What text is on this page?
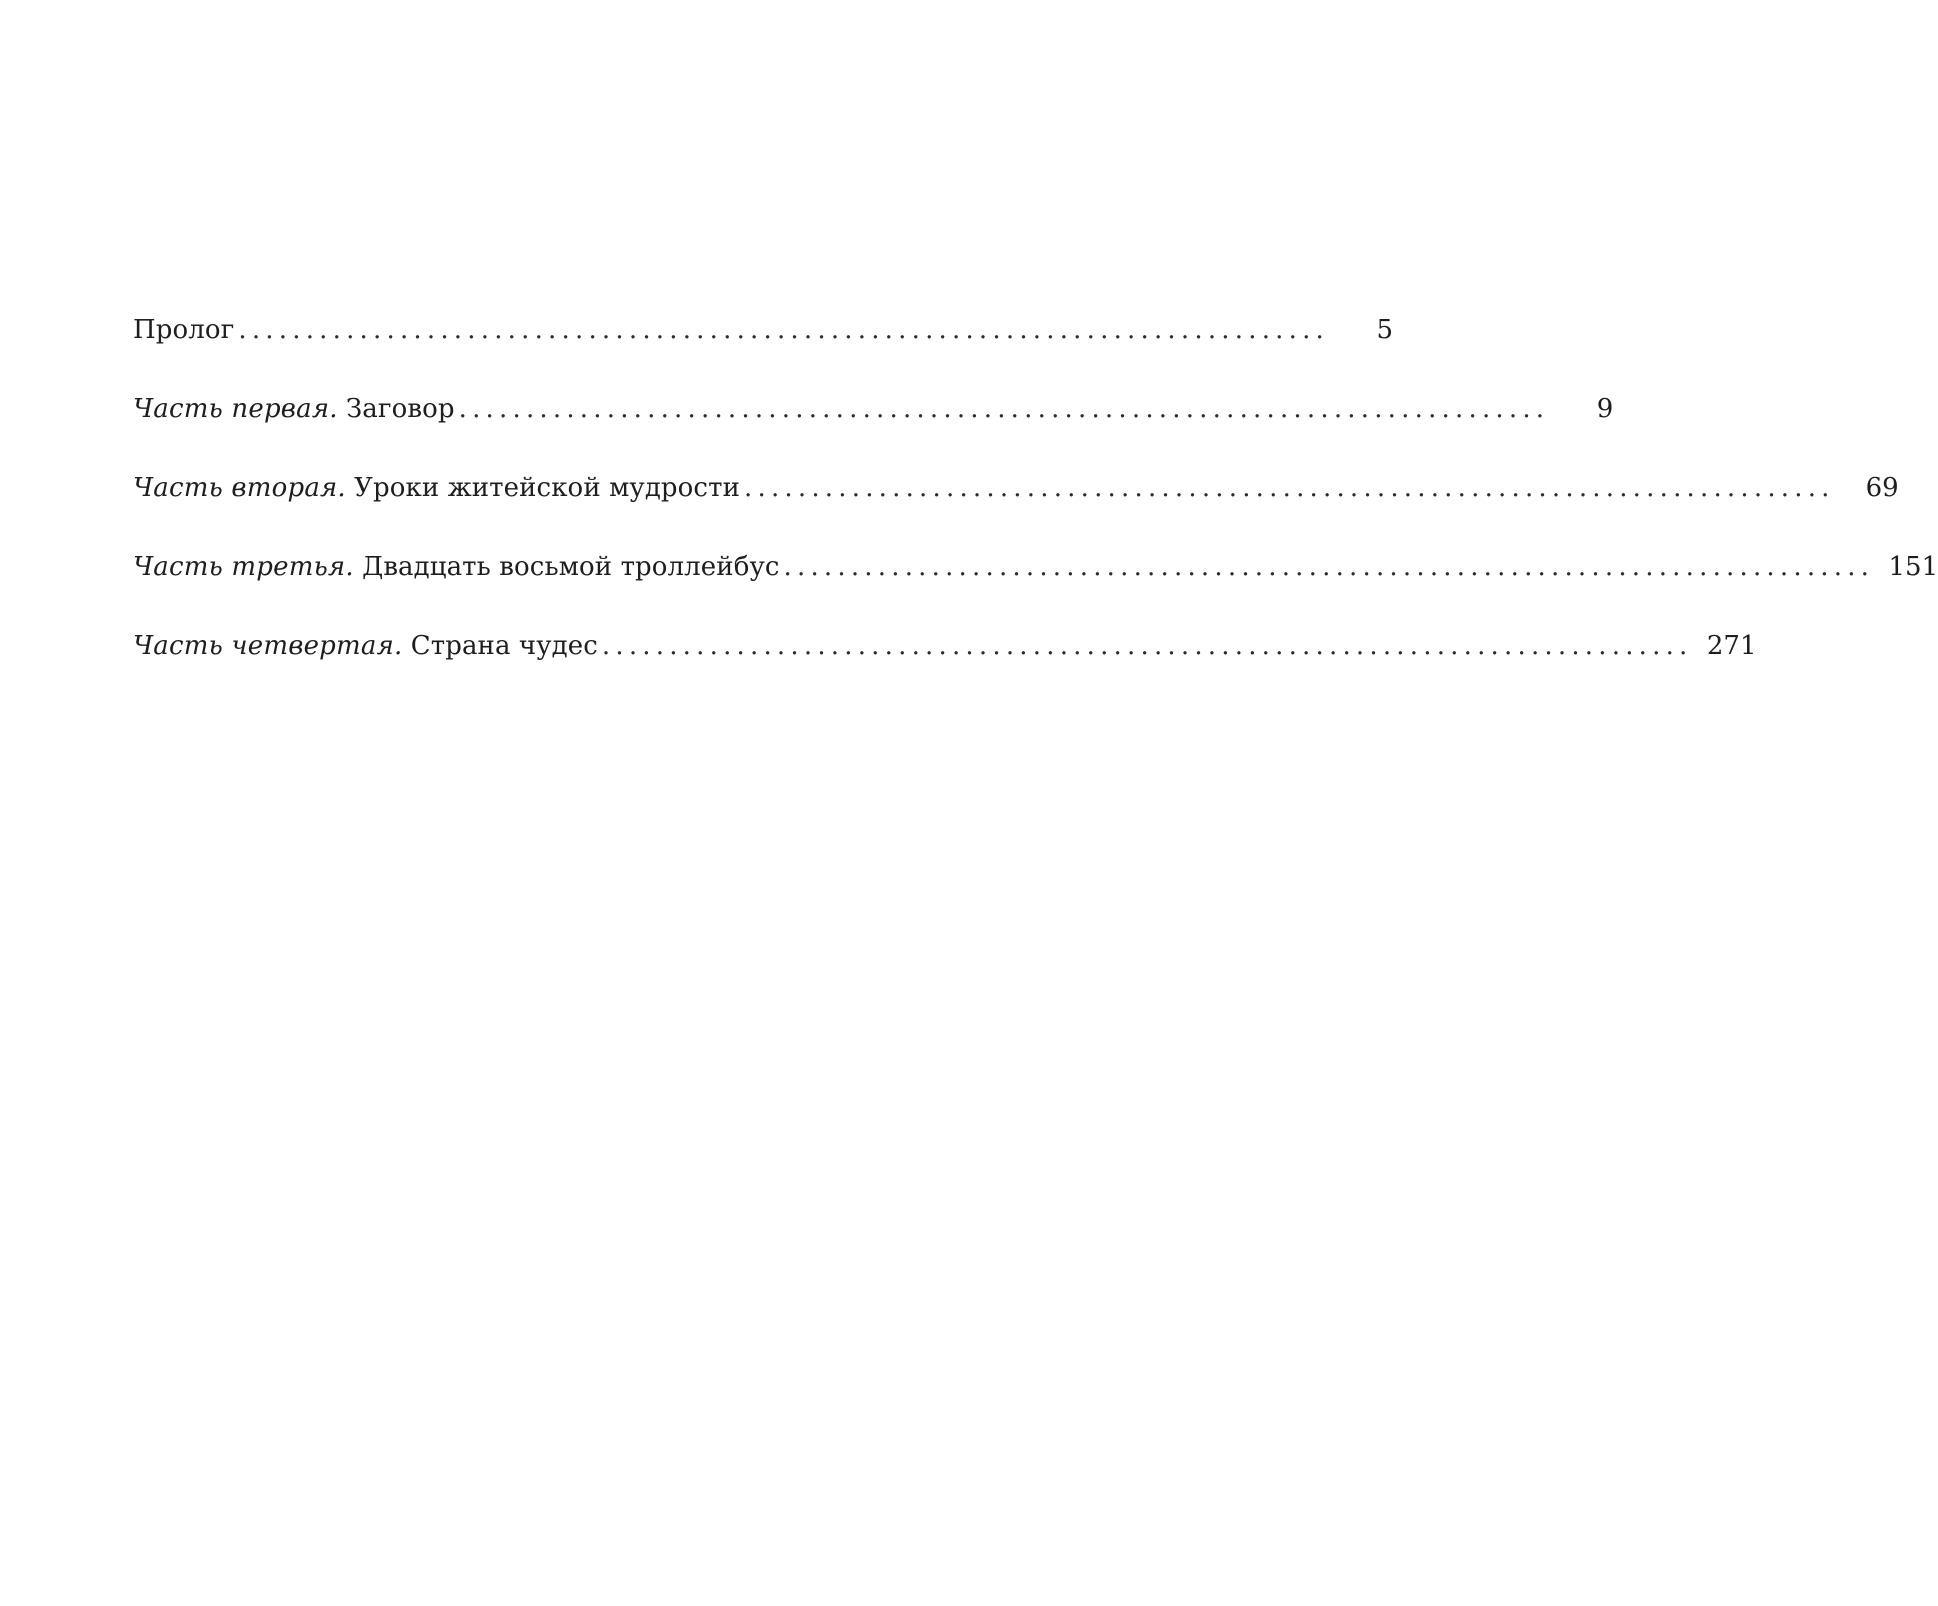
Пролог .................................................................................	5
Часть первая. Заговор .................................................................................	9
Часть вторая. Уроки житейской мудрости .................................................................................	69
Часть третья. Двадцать восьмой троллейбус ................................................................................. 151
Часть четвертая. Страна чудес ................................................................................. 271
